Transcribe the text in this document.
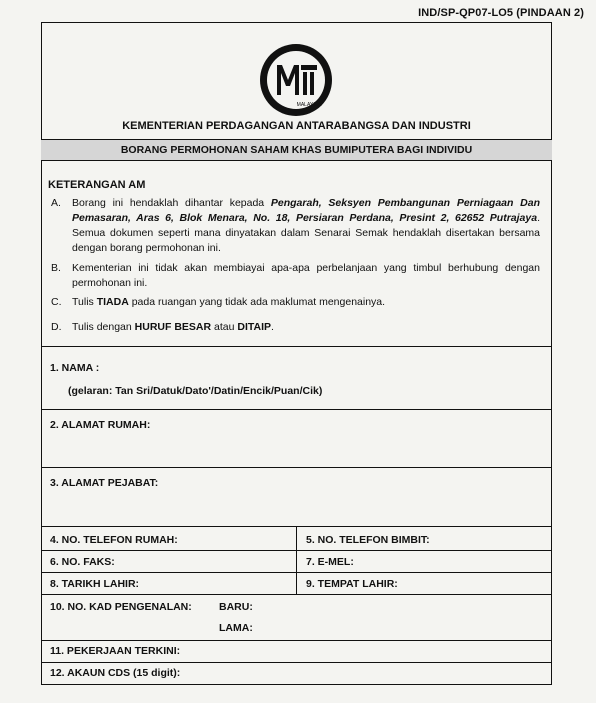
IND/SP-QP07-LO5 (PINDAAN 2)
MALAYSIA
KEMENTERIAN PERDAGANGAN ANTARABANGSA DAN INDUSTRI
BORANG PERMOHONAN SAHAM KHAS BUMIPUTERA BAGI INDIVIDU
KETERANGAN AM
A. Borang ini hendaklah dihantar kepada Pengarah, Seksyen Pembangunan Perniagaan Dan Pemasaran, Aras 6, Blok Menara, No. 18, Persiaran Perdana, Presint 2, 62652 Putrajaya. Semua dokumen seperti mana dinyatakan dalam Senarai Semak hendaklah disertakan bersama dengan borang permohonan ini.
B. Kementerian ini tidak akan membiayai apa-apa perbelanjaan yang timbul berhubung dengan permohonan ini.
C. Tulis TIADA pada ruangan yang tidak ada maklumat mengenainya.
D. Tulis dengan HURUF BESAR atau DITAIP.
1. NAMA :
(gelaran: Tan Sri/Datuk/Dato'/Datin/Encik/Puan/Cik)
2. ALAMAT RUMAH:
3. ALAMAT PEJABAT:
4. NO. TELEFON RUMAH:	5. NO. TELEFON BIMBIT:
6. NO. FAKS:	7. E-MEL:
8. TARIKH LAHIR:	9. TEMPAT LAHIR:
10. NO. KAD PENGENALAN:	BARU:
LAMA:
11. PEKERJAAN TERKINI:
12. AKAUN CDS (15 digit):
